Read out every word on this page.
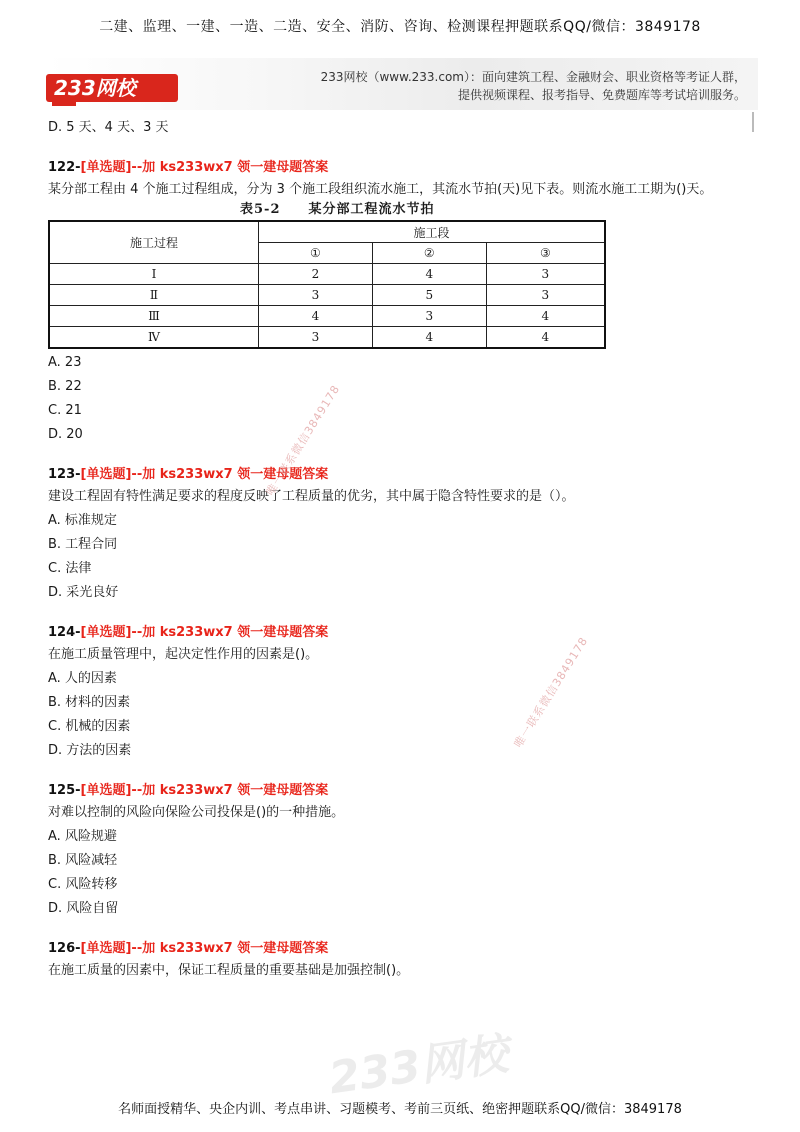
二建、监理、一建、一造、二造、安全、消防、咨询、检测课程押题联系QQ/微信：3849178
233网校	233网校（www.233.com）：面向建筑工程、金融财会、职业资格等考证人群，
提供视频课程、报考指导、免费题库等考试培训服务。
D. 5 天、4 天、3 天
122-[单选题]--加 ks233wx7 领一建母题答案
某分部工程由 4 个施工过程组成，分为 3 个施工段组织流水施工，其流水节拍(天)见下表。则流水施工工期为()天。
表5-2 某分部工程流水节拍
施工过程	施工段		
	①	②	③
Ⅰ	2	4	3
Ⅱ	3	5	3
Ⅲ	4	3	4
Ⅳ	3	4	4
A. 23
B. 22
C. 21
D. 20
123-[单选题]--加 ks233wx7 领一建母题答案
建设工程固有特性满足要求的程度反映了工程质量的优劣，其中属于隐含特性要求的是（）。
A. 标准规定
B. 工程合同
C. 法律
D. 采光良好
124-[单选题]--加 ks233wx7 领一建母题答案
在施工质量管理中，起决定性作用的因素是()。
A. 人的因素
B. 材料的因素
C. 机械的因素
D. 方法的因素
125-[单选题]--加 ks233wx7 领一建母题答案
对难以控制的风险向保险公司投保是()的一种措施。
A. 风险规避
B. 风险减轻
C. 风险转移
D. 风险自留
126-[单选题]--加 ks233wx7 领一建母题答案
在施工质量的因素中，保证工程质量的重要基础是加强控制()。
唯一联系微信3849178
唯一联系微信3849178
233网校
名师面授精华、央企内训、考点串讲、习题模考、考前三页纸、绝密押题联系QQ/微信：3849178
